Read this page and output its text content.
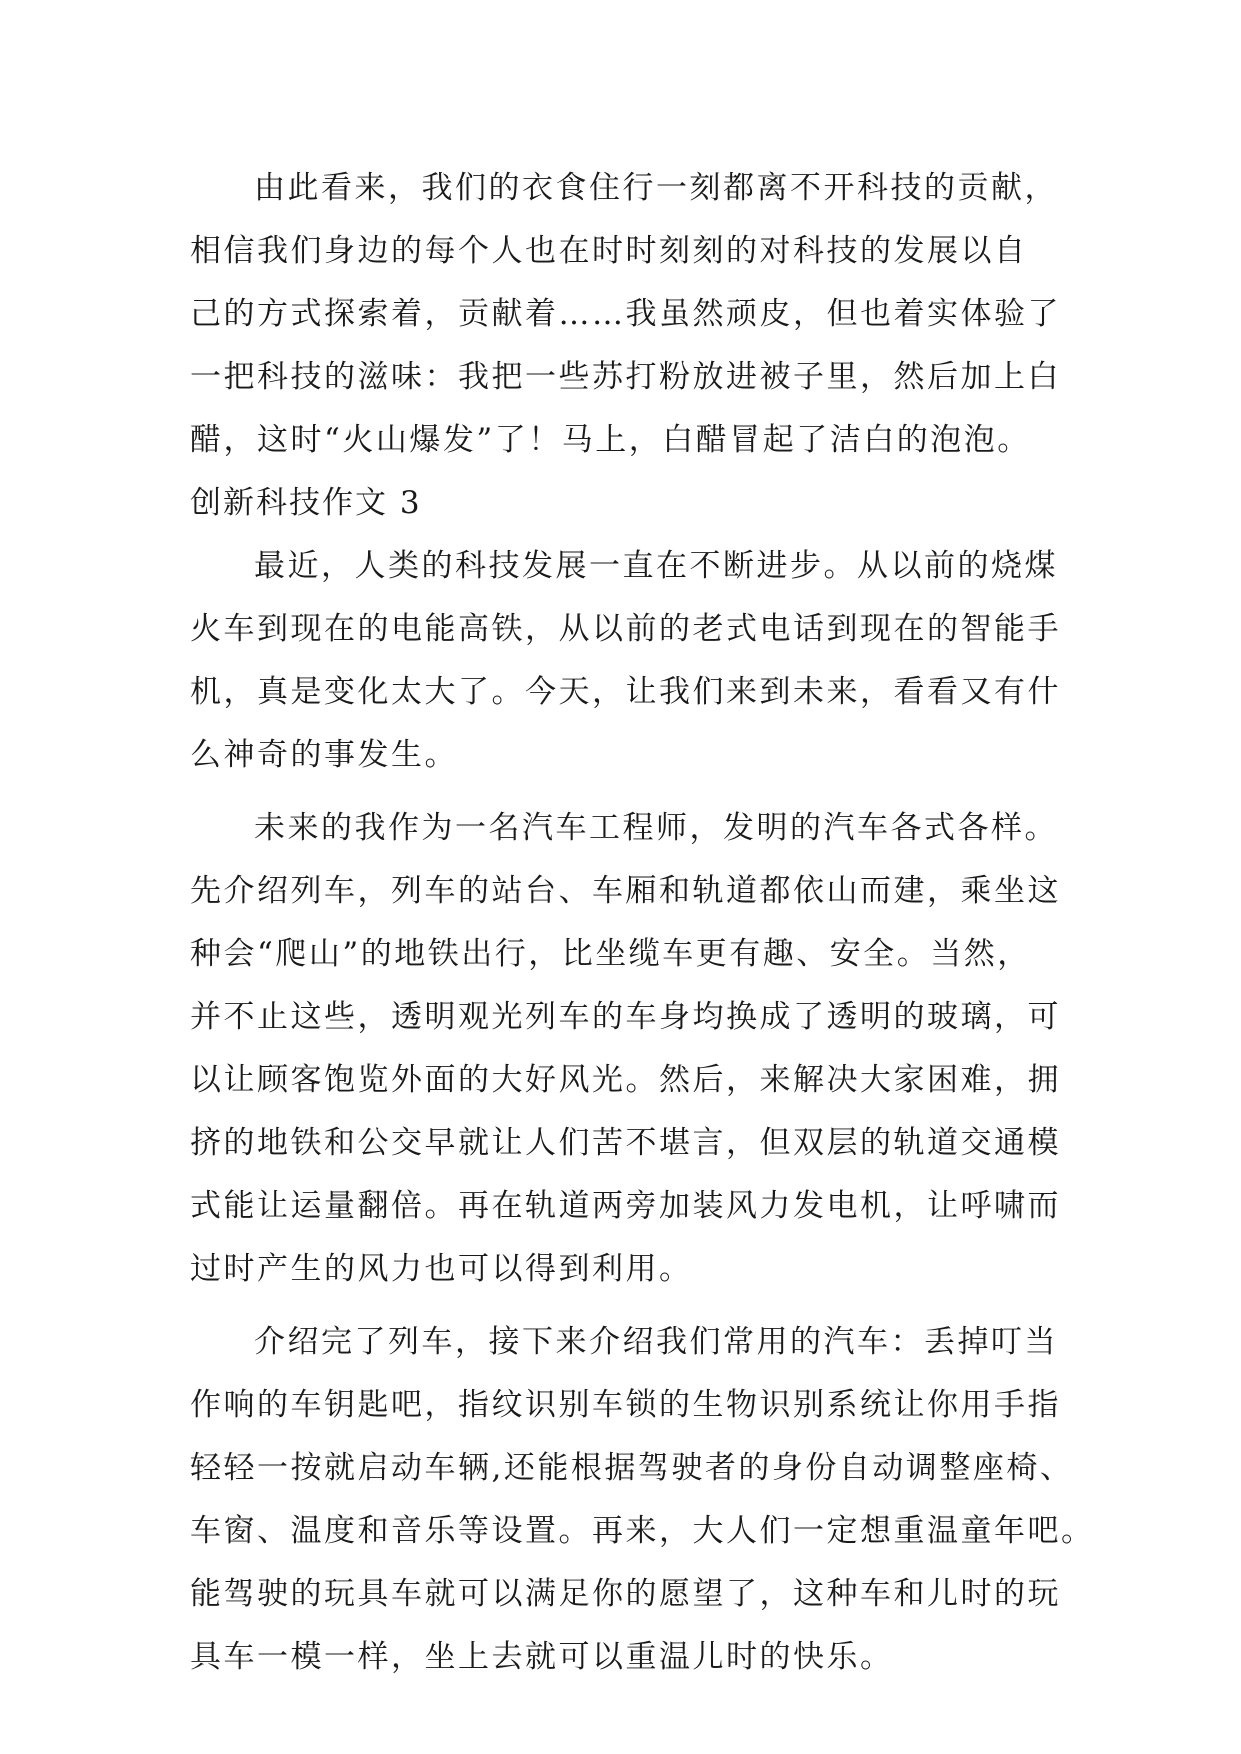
由此看来，我们的衣食住行一刻都离不开科技的贡献，
相信我们身边的每个人也在时时刻刻的对科技的发展以自
己的方式探索着，贡献着……我虽然顽皮，但也着实体验了
一把科技的滋味：我把一些苏打粉放进被子里，然后加上白
醋，这时“火山爆发”了！马上，白醋冒起了洁白的泡泡。
创新科技作文 3
最近，人类的科技发展一直在不断进步。从以前的烧煤
火车到现在的电能高铁，从以前的老式电话到现在的智能手
机，真是变化太大了。今天，让我们来到未来，看看又有什
么神奇的事发生。
未来的我作为一名汽车工程师，发明的汽车各式各样。
先介绍列车，列车的站台、车厢和轨道都依山而建，乘坐这
种会“爬山”的地铁出行，比坐缆车更有趣、安全。当然，
并不止这些，透明观光列车的车身均换成了透明的玻璃，可
以让顾客饱览外面的大好风光。然后，来解决大家困难，拥
挤的地铁和公交早就让人们苦不堪言，但双层的轨道交通模
式能让运量翻倍。再在轨道两旁加装风力发电机，让呼啸而
过时产生的风力也可以得到利用。
介绍完了列车，接下来介绍我们常用的汽车：丢掉叮当
作响的车钥匙吧，指纹识别车锁的生物识别系统让你用手指
轻轻一按就启动车辆,还能根据驾驶者的身份自动调整座椅、
车窗、温度和音乐等设置。再来，大人们一定想重温童年吧。
能驾驶的玩具车就可以满足你的愿望了，这种车和儿时的玩
具车一模一样，坐上去就可以重温儿时的快乐。
